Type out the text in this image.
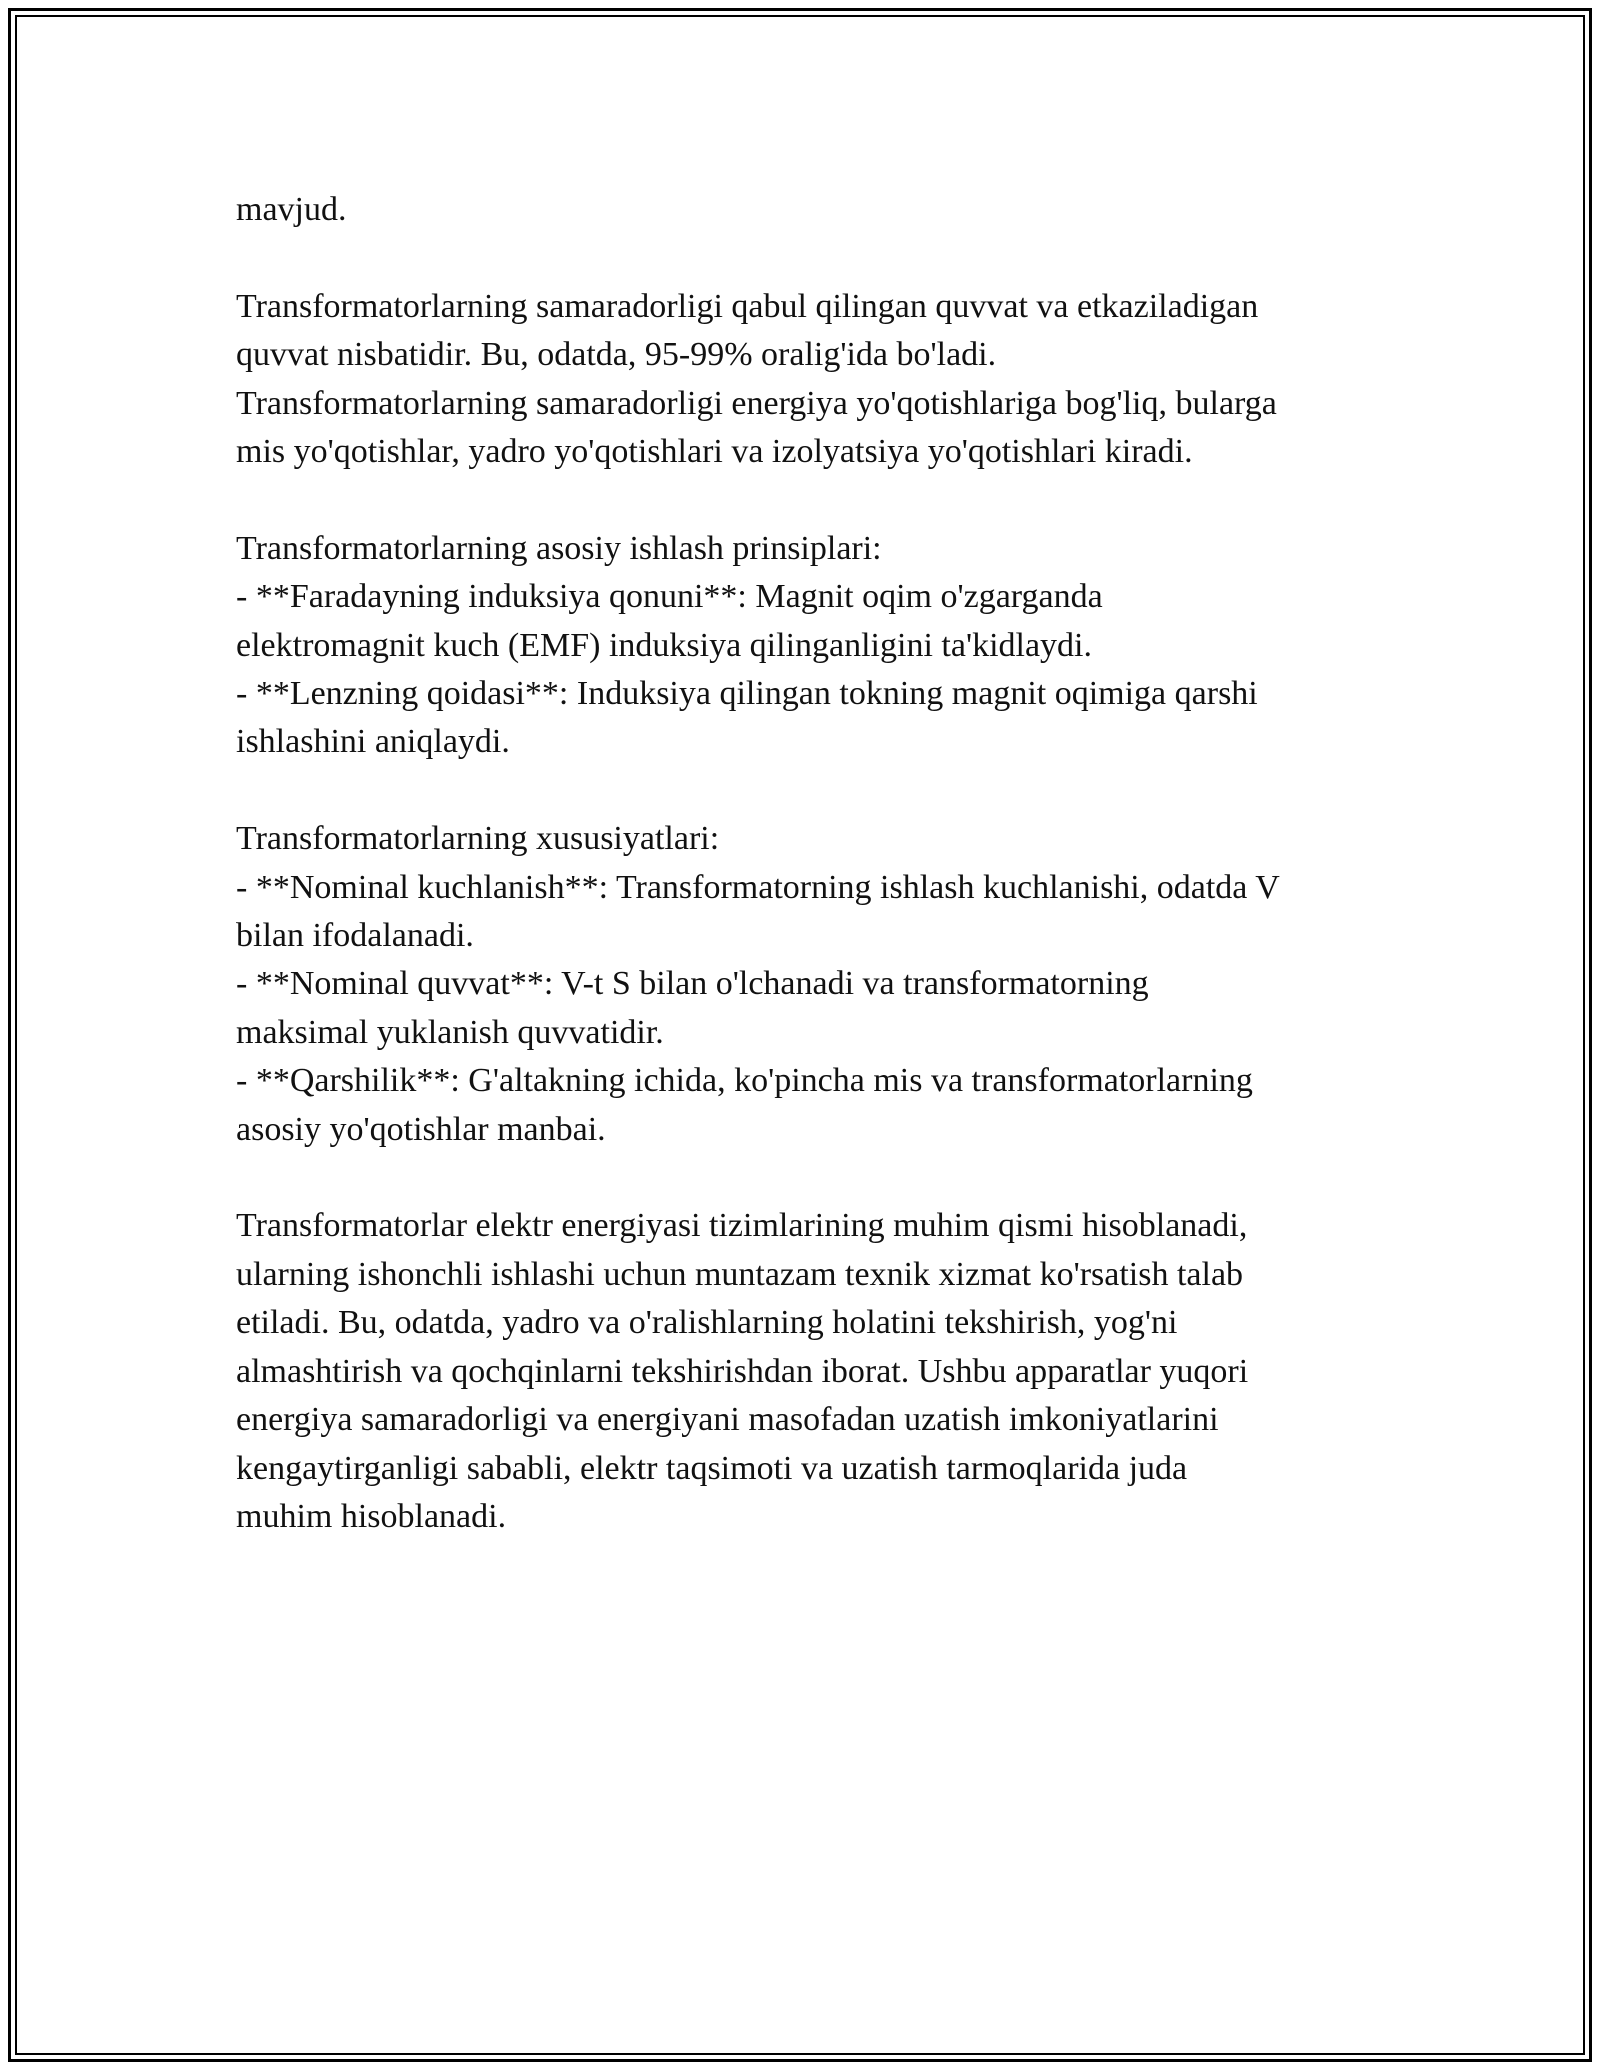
mavjud.
Transformatorlarning samaradorligi qabul qilingan quvvat va etkaziladigan
quvvat nisbatidir. Bu, odatda, 95-99% oralig'ida bo'ladi.
Transformatorlarning samaradorligi energiya yo'qotishlariga bog'liq, bularga
mis yo'qotishlar, yadro yo'qotishlari va izolyatsiya yo'qotishlari kiradi.
Transformatorlarning asosiy ishlash prinsiplari:
- **Faradayning induksiya qonuni**: Magnit oqim o'zgarganda
elektromagnit kuch (EMF) induksiya qilinganligini ta'kidlaydi.
- **Lenzning qoidasi**: Induksiya qilingan tokning magnit oqimiga qarshi
ishlashini aniqlaydi.
Transformatorlarning xususiyatlari:
- **Nominal kuchlanish**: Transformatorning ishlash kuchlanishi, odatda V
bilan ifodalanadi.
- **Nominal quvvat**: V-t S bilan o'lchanadi va transformatorning
maksimal yuklanish quvvatidir.
- **Qarshilik**: G'altakning ichida, ko'pincha mis va transformatorlarning
asosiy yo'qotishlar manbai.
Transformatorlar elektr energiyasi tizimlarining muhim qismi hisoblanadi,
ularning ishonchli ishlashi uchun muntazam texnik xizmat ko'rsatish talab
etiladi. Bu, odatda, yadro va o'ralishlarning holatini tekshirish, yog'ni
almashtirish va qochqinlarni tekshirishdan iborat. Ushbu apparatlar yuqori
energiya samaradorligi va energiyani masofadan uzatish imkoniyatlarini
kengaytirganligi sababli, elektr taqsimoti va uzatish tarmoqlarida juda
muhim hisoblanadi.
